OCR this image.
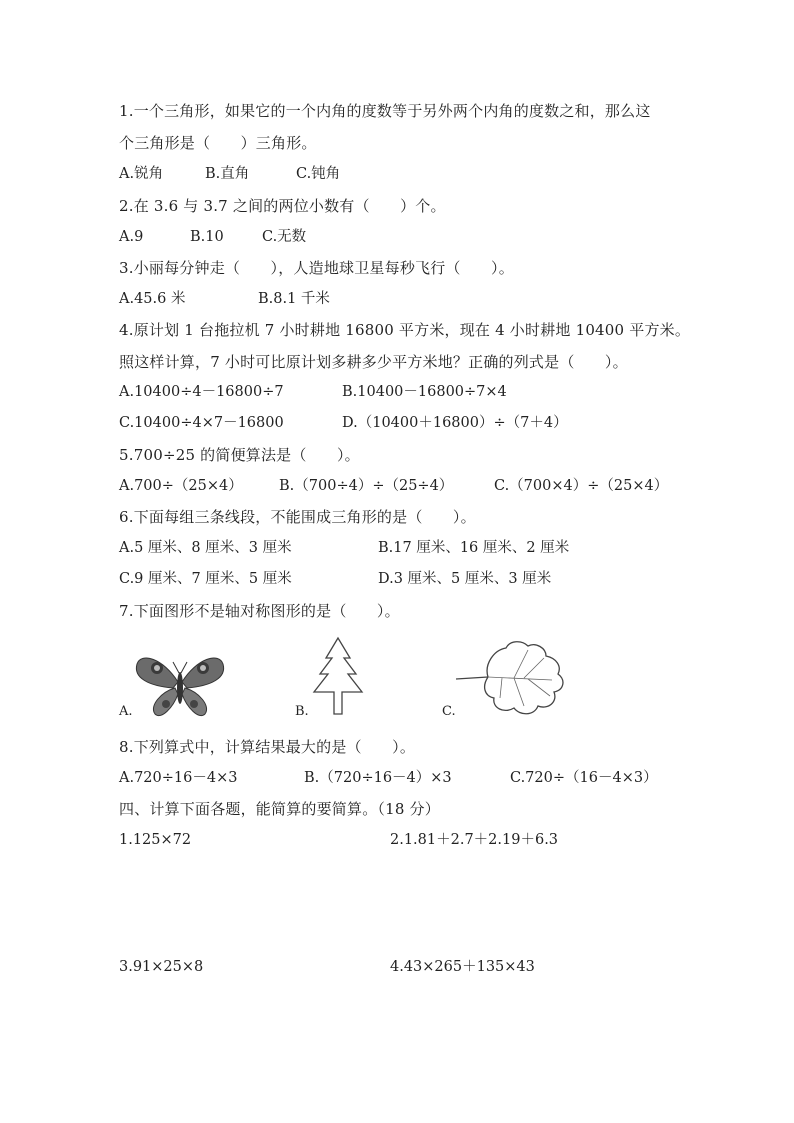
1.一个三角形，如果它的一个内角的度数等于另外两个内角的度数之和，那么这
个三角形是（　　）三角形。
A.锐角	B.直角	C.钝角
2.在 3.6 与 3.7 之间的两位小数有（　　）个。
A.9	B.10	C.无数
3.小丽每分钟走（　　），人造地球卫星每秒飞行（　　）。
A.45.6 米	B.8.1 千米
4.原计划 1 台拖拉机 7 小时耕地 16800 平方米，现在 4 小时耕地 10400 平方米。
照这样计算，7 小时可比原计划多耕多少平方米地？正确的列式是（　　）。
A.10400÷4－16800÷7	B.10400－16800÷7×4
C.10400÷4×7－16800	D.（10400＋16800）÷（7＋4）
5.700÷25 的简便算法是（　　）。
A.700÷（25×4）	B.（700÷4）÷（25÷4）	C.（700×4）÷（25×4）
6.下面每组三条线段，不能围成三角形的是（　　）。
A.5 厘米、8 厘米、3 厘米	B.17 厘米、16 厘米、2 厘米
C.9 厘米、7 厘米、5 厘米	D.3 厘米、5 厘米、3 厘米
7.下面图形不是轴对称图形的是（　　）。
A.	B.	C.
8.下列算式中，计算结果最大的是（　　）。
A.720÷16－4×3	B.（720÷16－4）×3	C.720÷（16－4×3）
四、计算下面各题，能简算的要简算。（18 分）
1.125×72	2.1.81＋2.7＋2.19＋6.3
3.91×25×8	4.43×265＋135×43
